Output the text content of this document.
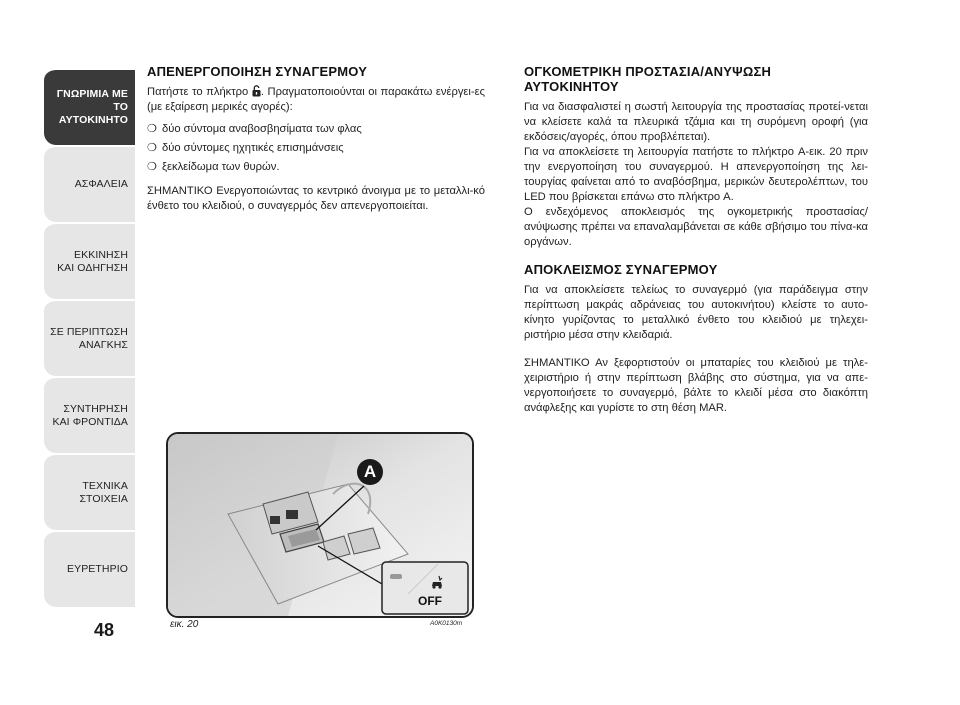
ΓΝΩΡΙΜΙΑ ΜΕ ΤΟ
ΑΥΤΟΚΙΝΗΤΟ
ΑΣΦΑΛΕΙΑ
ΕΚΚΙΝΗΣΗ
ΚΑΙ ΟΔΗΓΗΣΗ
ΣΕ ΠΕΡΙΠΤΩΣΗ
ΑΝΑΓΚΗΣ
ΣΥΝΤΗΡΗΣΗ
ΚΑΙ ΦΡΟΝΤΙΔΑ
ΤΕΧΝΙΚΑ
ΣΤΟΙΧΕΙΑ
ΕΥΡΕΤΗΡΙΟ
48
ΑΠΕΝΕΡΓΟΠΟΙΗΣΗ ΣΥΝΑΓΕΡΜΟΥ

Πατήστε το πλήκτρο . Πραγματοποιούνται οι παρακάτω ενέργει-ες (με εξαίρεση μερικές αγορές):

❍ δύο σύντομα αναβοσβησίματα των φλας
❍ δύο σύντομες ηχητικές επισημάνσεις
❍ ξεκλείδωμα των θυρών.

ΣΗΜΑΝΤΙΚΟ Ενεργοποιώντας το κεντρικό άνοιγμα με το μεταλλι-κό ένθετο του κλειδιού, ο συναγερμός δεν απενεργοποιείται.

ΟΓΚΟΜΕΤΡΙΚΗ ΠΡΟΣΤΑΣΙΑ/ΑΝΥΨΩΣΗ ΑΥΤΟΚΙΝΗΤΟΥ

Για να διασφαλιστεί η σωστή λειτουργία της προστασίας προτεί-νεται να κλείσετε καλά τα πλευρικά τζάμια και τη συρόμενη οροφή (για εκδόσεις/αγορές, όπου προβλέπεται).

Για να αποκλείσετε τη λειτουργία πατήστε το πλήκτρο A-εικ. 20 πριν την ενεργοποίηση του συναγερμού. Η απενεργοποίηση της λει-τουργίας φαίνεται από το αναβόσβημα, μερικών δευτερολέπτων, του LED που βρίσκεται επάνω στο πλήκτρο A.

Ο ενδεχόμενος αποκλεισμός της ογκομετρικής προστασίας/ ανύψωσης πρέπει να επαναλαμβάνεται σε κάθε σβήσιμο του πίνα-κα οργάνων.

ΑΠΟΚΛΕΙΣΜΟΣ ΣΥΝΑΓΕΡΜΟΥ

Για να αποκλείσετε τελείως το συναγερμό (για παράδειγμα στην περίπτωση μακράς αδράνειας του αυτοκινήτου) κλείστε το αυτο-κίνητο γυρίζοντας το μεταλλικό ένθετο του κλειδιού με τηλεχει-ριστήριο μέσα στην κλειδαριά.

ΣΗΜΑΝΤΙΚΟ Αν ξεφορτιστούν οι μπαταρίες του κλειδιού με τηλε-χειριστήριο ή στην περίπτωση βλάβης στο σύστημα, για να απε-νεργοποιήσετε το συναγερμό, βάλτε το κλειδί μέσα στο διακόπτη ανάφλεξης και γυρίστε το στη θέση MAR.

A
OFF
εικ. 20	A0K0130m
